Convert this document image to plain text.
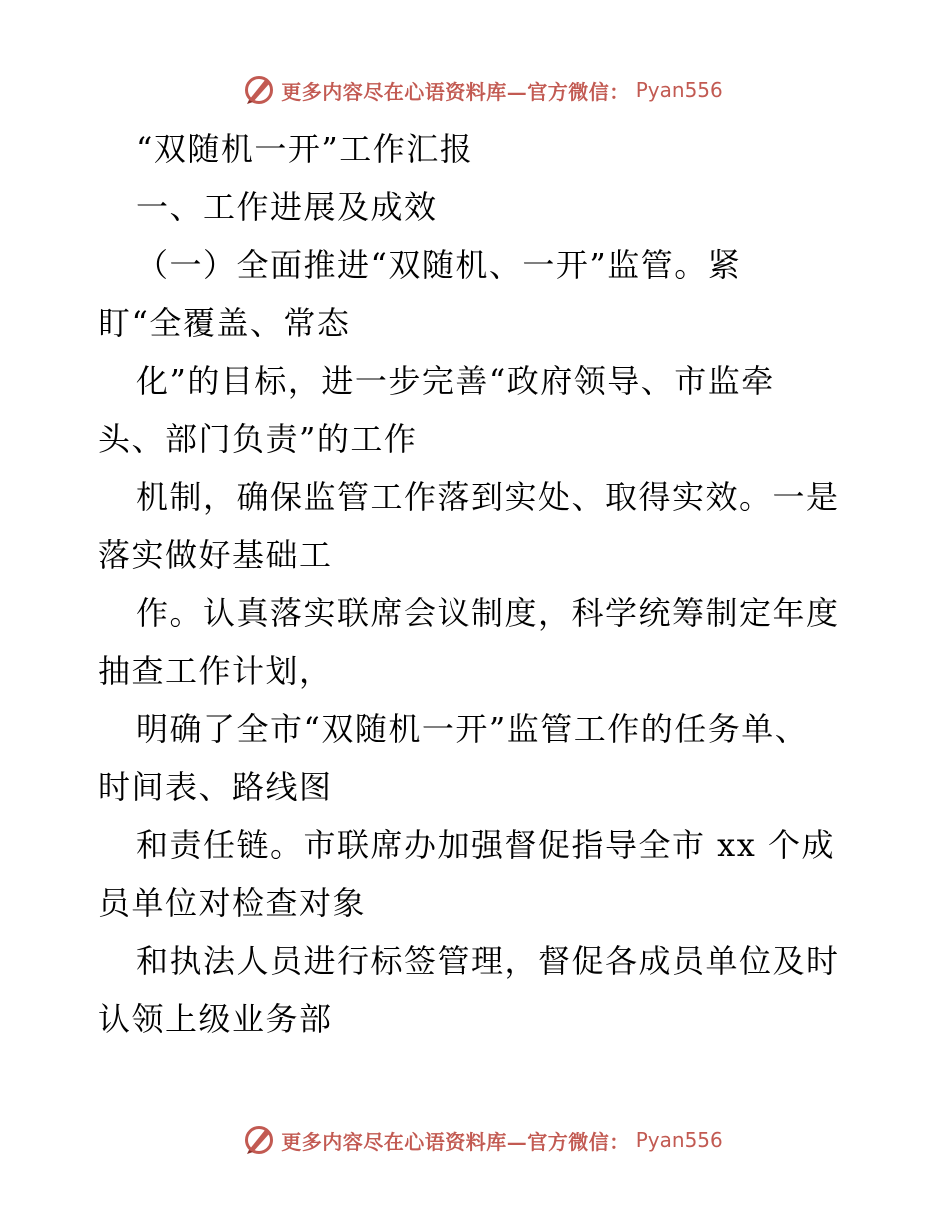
更多内容尽在心语资料库—官方微信： Pyan556
“双随机一开”工作汇报
一、工作进展及成效
（一）全面推进“双随机、一开”监管。紧
盯“全覆盖、常态
化”的目标，进一步完善“政府领导、市监牵
头、部门负责”的工作
机制，确保监管工作落到实处、取得实效。一是
落实做好基础工
作。认真落实联席会议制度，科学统筹制定年度
抽查工作计划，
明确了全市“双随机一开”监管工作的任务单、
时间表、路线图
和责任链。市联席办加强督促指导全市 xx 个成
员单位对检查对象
和执法人员进行标签管理，督促各成员单位及时
认领上级业务部
更多内容尽在心语资料库—官方微信： Pyan556
